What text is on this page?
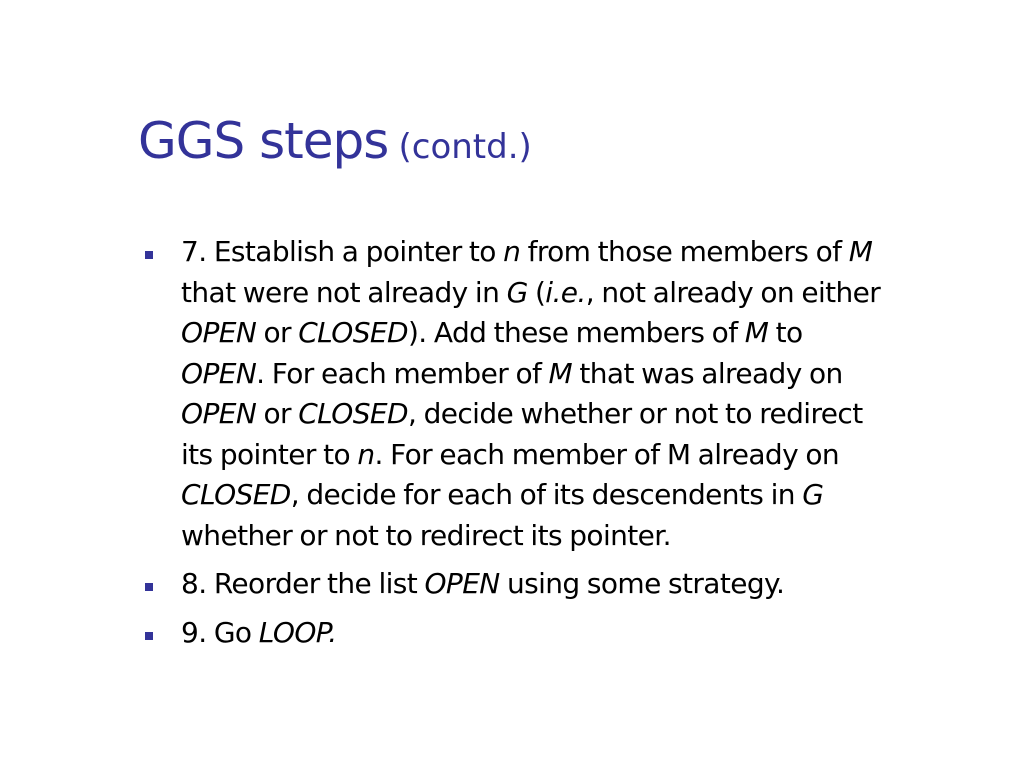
GGS steps (contd.)
7. Establish a pointer to n from those members of M
that were not already in G (i.e., not already on either
OPEN or CLOSED). Add these members of M to
OPEN. For each member of M that was already on
OPEN or CLOSED, decide whether or not to redirect
its pointer to n. For each member of M already on
CLOSED, decide for each of its descendents in G
whether or not to redirect its pointer.
8. Reorder the list OPEN using some strategy.
9. Go LOOP.
